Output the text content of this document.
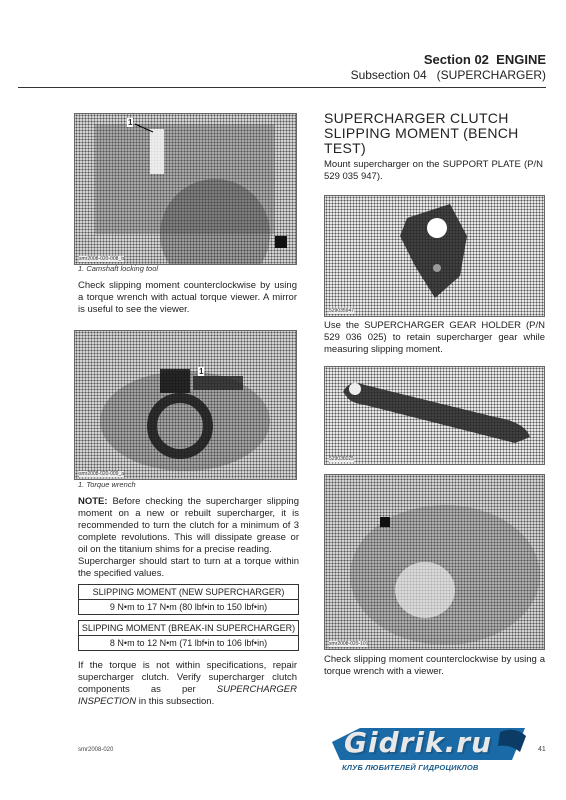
Section 02 ENGINE
Subsection 04 (SUPERCHARGER)
1
smr2008-020-008_b
1. Camshaft locking tool
Check slipping moment counterclockwise by using a torque wrench with actual torque viewer. A mirror is useful to see the viewer.
1
smr2008-020-009_a
1. Torque wrench
NOTE: Before checking the supercharger slipping moment on a new or rebuilt supercharger, it is recommended to turn the clutch for a minimum of 3 complete revolutions. This will dissipate grease or oil on the titanium shims for a precise reading.
Supercharger should start to turn at a torque within the specified values.
SLIPPING MOMENT (NEW SUPERCHARGER)
9 N•m to 17 N•m (80 lbf•in to 150 lbf•in)
SLIPPING MOMENT (BREAK-IN SUPERCHARGER)
8 N•m to 12 N•m (71 lbf•in to 106 lbf•in)
If the torque is not within specifications, repair supercharger clutch. Verify supercharger clutch components as per SUPERCHARGER INSPECTION in this subsection.
SUPERCHARGER CLUTCH SLIPPING MOMENT (BENCH TEST)
Mount supercharger on the SUPPORT PLATE (P/N 529 035 947).
529035947
Use the SUPERCHARGER GEAR HOLDER (P/N 529 036 025) to retain supercharger gear while measuring slipping moment.
529036025
smr2008-020-101
Check slipping moment counterclockwise by using a torque wrench with a viewer.
smr2008-020	41
Gidrik.ru
КЛУБ ЛЮБИТЕЛЕЙ ГИДРОЦИКЛОВ
